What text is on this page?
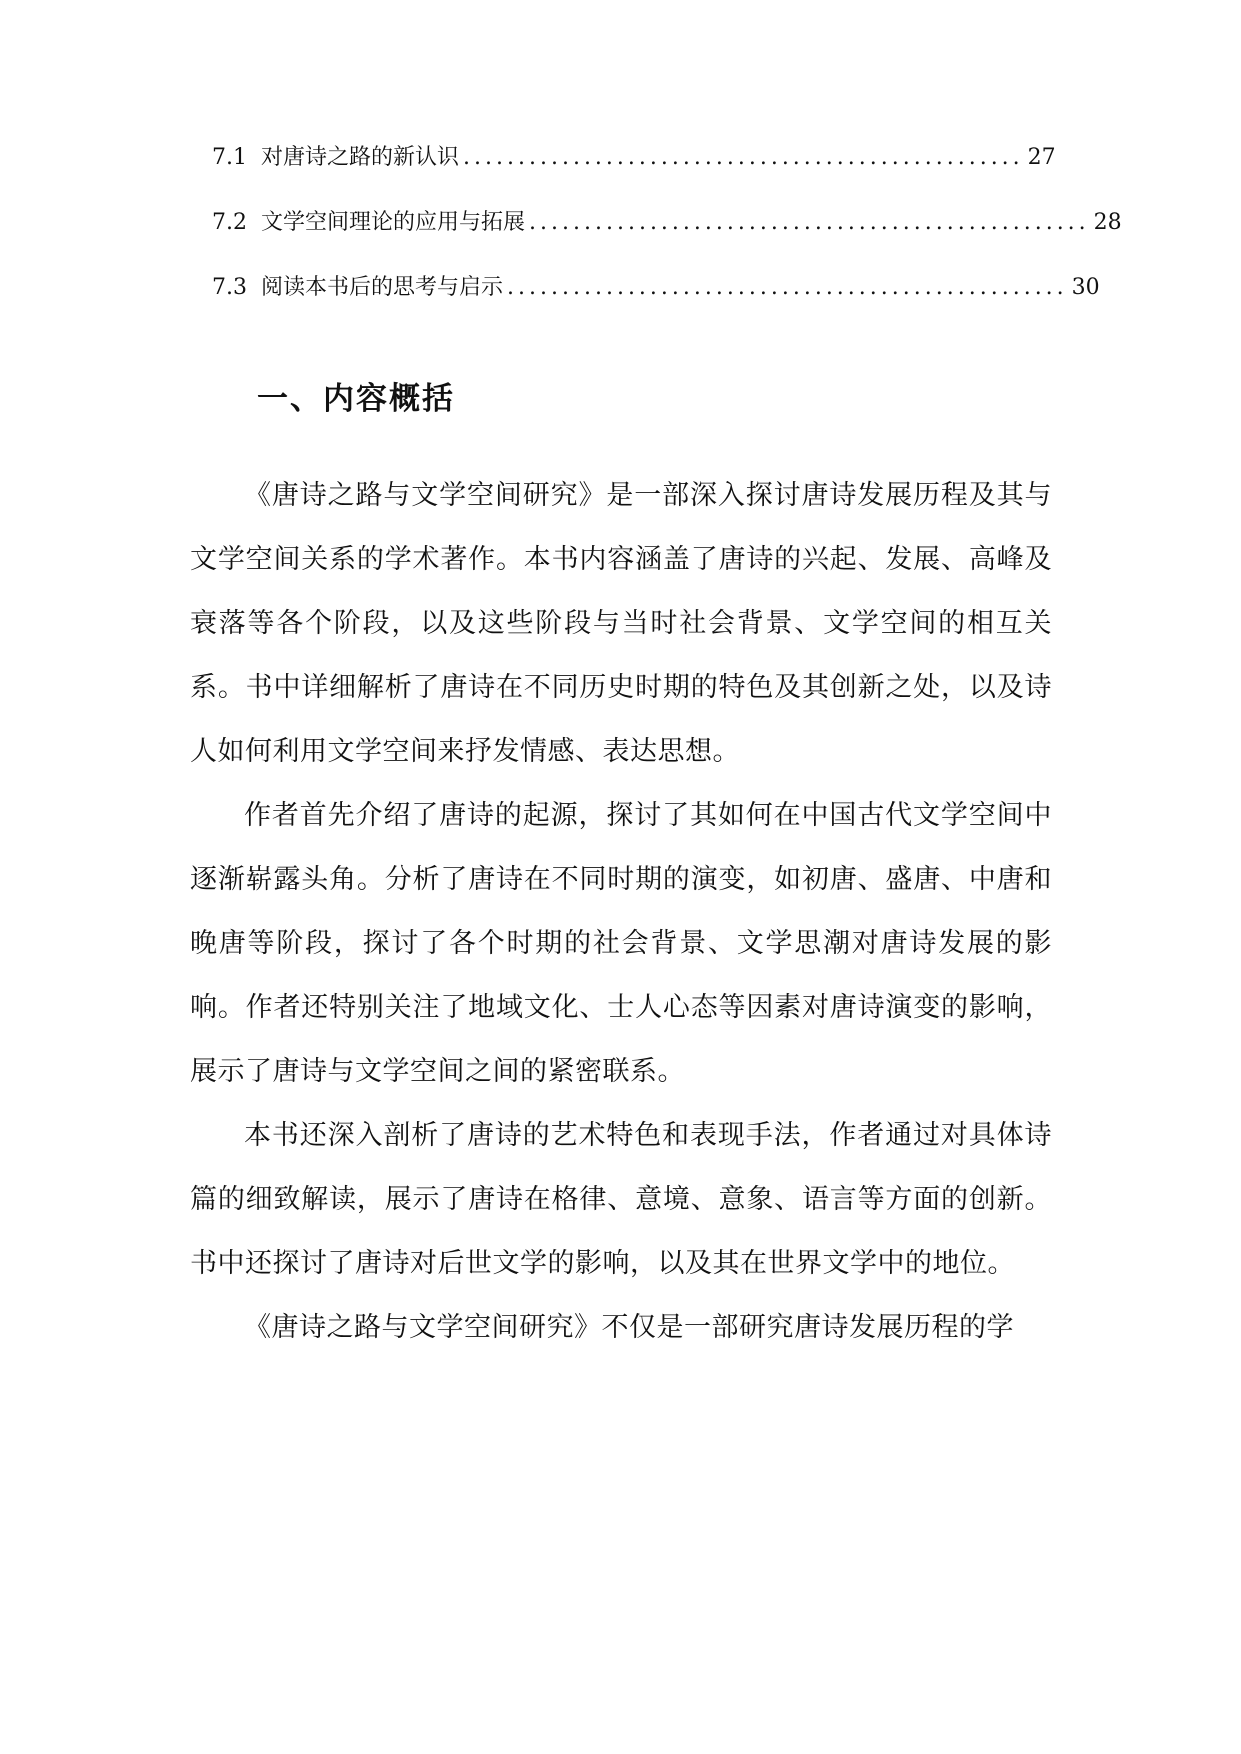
7.1 对唐诗之路的新认识 ................................................... 27
7.2 文学空间理论的应用与拓展 ................................................... 28
7.3 阅读本书后的思考与启示 ................................................... 30
一、内容概括

《唐诗之路与文学空间研究》是一部深入探讨唐诗发展历程及其与文学空间关系的学术著作。本书内容涵盖了唐诗的兴起、发展、高峰及衰落等各个阶段，以及这些阶段与当时社会背景、文学空间的相互关系。书中详细解析了唐诗在不同历史时期的特色及其创新之处，以及诗人如何利用文学空间来抒发情感、表达思想。

作者首先介绍了唐诗的起源，探讨了其如何在中国古代文学空间中逐渐崭露头角。分析了唐诗在不同时期的演变，如初唐、盛唐、中唐和晚唐等阶段，探讨了各个时期的社会背景、文学思潮对唐诗发展的影响。作者还特别关注了地域文化、士人心态等因素对唐诗演变的影响，展示了唐诗与文学空间之间的紧密联系。

本书还深入剖析了唐诗的艺术特色和表现手法，作者通过对具体诗篇的细致解读，展示了唐诗在格律、意境、意象、语言等方面的创新。书中还探讨了唐诗对后世文学的影响，以及其在世界文学中的地位。

《唐诗之路与文学空间研究》不仅是一部研究唐诗发展历程的学
